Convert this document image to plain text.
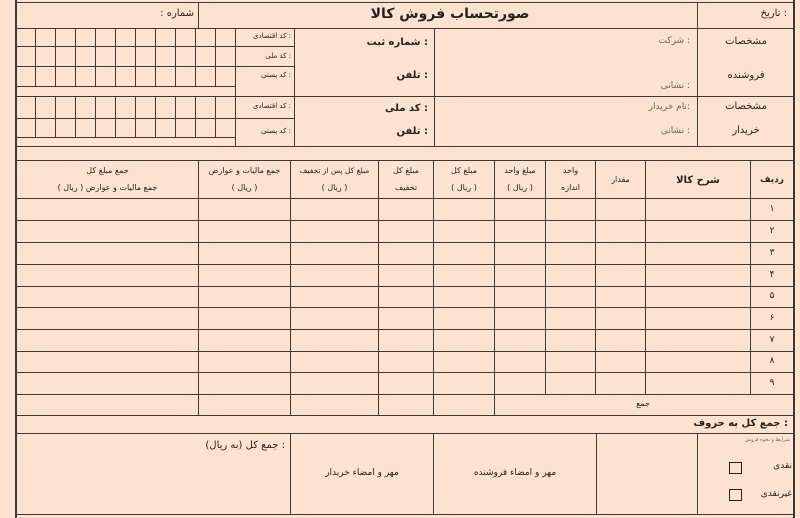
صورتحساب فروش کالا	تاریخ :
: شماره
مشخصات
فروشنده
شرکت :
نشانی :
شماره ثبت :
تلفن :
کد اقتصادی :
کد ملی :
کد پستی :
مشخصات
خریدار
نام خریدار:
نشانی :
کد ملی :
تلفن :
کد اقتصادی :
کد پستی :
ردیف
شرح کالا
مقدار
واحد
اندازه
مبلغ واحد
( ریال )
مبلغ کل
( ریال )
مبلغ کل
تخفیف
مبلغ کل پس از تخفیف
( ریال )
جمع مالیات و عوارض
( ریال )
جمع مبلغ کل
جمع مالیات و عوارض ( ریال )
۱
۲
۳
۴
۵
۶
۷
۸
۹
جمع
جمع کل به حروف :
شرایط و نحوه فروش
نقدی
غیرنقدی
مهر و امضاء فروشنده
مهر و امضاء خریدار
جمع کل (به ریال) :
